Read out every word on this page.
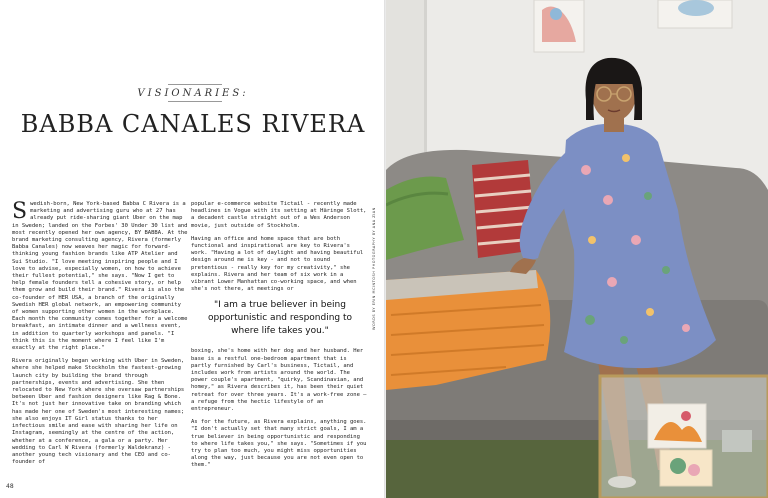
VISIONARIES:
BABBA CANALES RIVERA

Swedish-born, New York-based Babba C Rivera is a marketing and advertising guru who at 27 has already put ride-sharing giant Uber on the map in Sweden; landed on the Forbes' 30 Under 30 list and most recently opened her own agency, BY BABBA. At the brand marketing consulting agency, Rivera (formerly Babba Canales) now weaves her magic for forward-thinking young fashion brands like ATP Atelier and Sui Studio. "I love meeting inspiring people and I love to advise, especially women, on how to achieve their fullest potential," she says. "Now I get to help female founders tell a cohesive story, or help them grow and build their brand." Rivera is also the co-founder of HER USA, a branch of the originally Swedish HER global network, an empowering community of women supporting other women in the workplace. Each month the community comes together for a welcome breakfast, an intimate dinner and a wellness event, in addition to quarterly workshops and panels. "I think this is the moment where I feel like I'm exactly at the right place."

Rivera originally began working with Uber in Sweden, where she helped make Stockholm the fastest-growing launch city by building the brand through partnerships, events and advertising. She then relocated to New York where she oversaw partnerships between Uber and fashion designers like Rag & Bone. It's not just her innovative take on branding which has made her one of Sweden's most interesting names; she also enjoys IT Girl status thanks to her infectious smile and ease with sharing her life on Instagram, seemingly at the centre of the action, whether at a conference, a gala or a party. Her wedding to Carl W Rivera (formerly Waldekranz) - another young tech visionary and the CEO and co-founder of

popular e-commerce website Tictail - recently made headlines in Vogue with its setting at Häringe Slott, a decadent castle straight out of a Wes Anderson movie, just outside of Stockholm.

Having an office and home space that are both functional and inspirational are key to Rivera's work. "Having a lot of daylight and having beautiful design around me is key - and not to sound pretentious - really key for my creativity," she explains. Rivera and her team of six work in a vibrant Lower Manhattan co-working space, and when she's not there, at meetings or

"I am a true believer in being opportunistic and responding to where life takes you."

boxing, she's home with her dog and her husband. Her base is a restful one-bedroom apartment that is partly furnished by Carl's business, Tictail, and includes work from artists around the world. The power couple's apartment, "quirky, Scandinavian, and homey," as Rivera describes it, has been their quiet retreat for over three years. It's a work-free zone — a refuge from the hectic lifestyle of an entrepreneur.

As for the future, as Rivera explains, anything goes. "I don't actually set that many strict goals, I am a true believer in being opportunistic and responding to where life takes you," she says. "Sometimes if you try to plan too much, you might miss opportunities along the way, just because you are not even open to them."

WORDS BY ERIN MCINTOSH PHOTOGRAPHY BY ANA ZIAN
48
